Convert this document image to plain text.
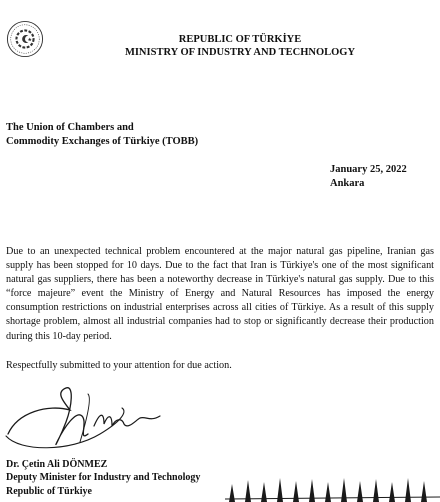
REPUBLIC OF TÜRKİYE
MINISTRY OF INDUSTRY AND TECHNOLOGY
The Union of Chambers and
Commodity Exchanges of Türkiye (TOBB)
January 25, 2022
Ankara
Due to an unexpected technical problem encountered at the major natural gas pipeline, Iranian gas supply has been stopped for 10 days. Due to the fact that Iran is Türkiye's one of the most significant natural gas suppliers, there has been a noteworthy decrease in Türkiye's natural gas supply. Due to this “force majeure” event the Ministry of Energy and Natural Resources has imposed the energy consumption restrictions on industrial enterprises across all cities of Türkiye. As a result of this supply shortage problem, almost all industrial companies had to stop or significantly decrease their production during this 10-day period.
Respectfully submitted to your attention for due action.
Dr. Çetin Ali DÖNMEZ
Deputy Minister for Industry and Technology
Republic of Türkiye
